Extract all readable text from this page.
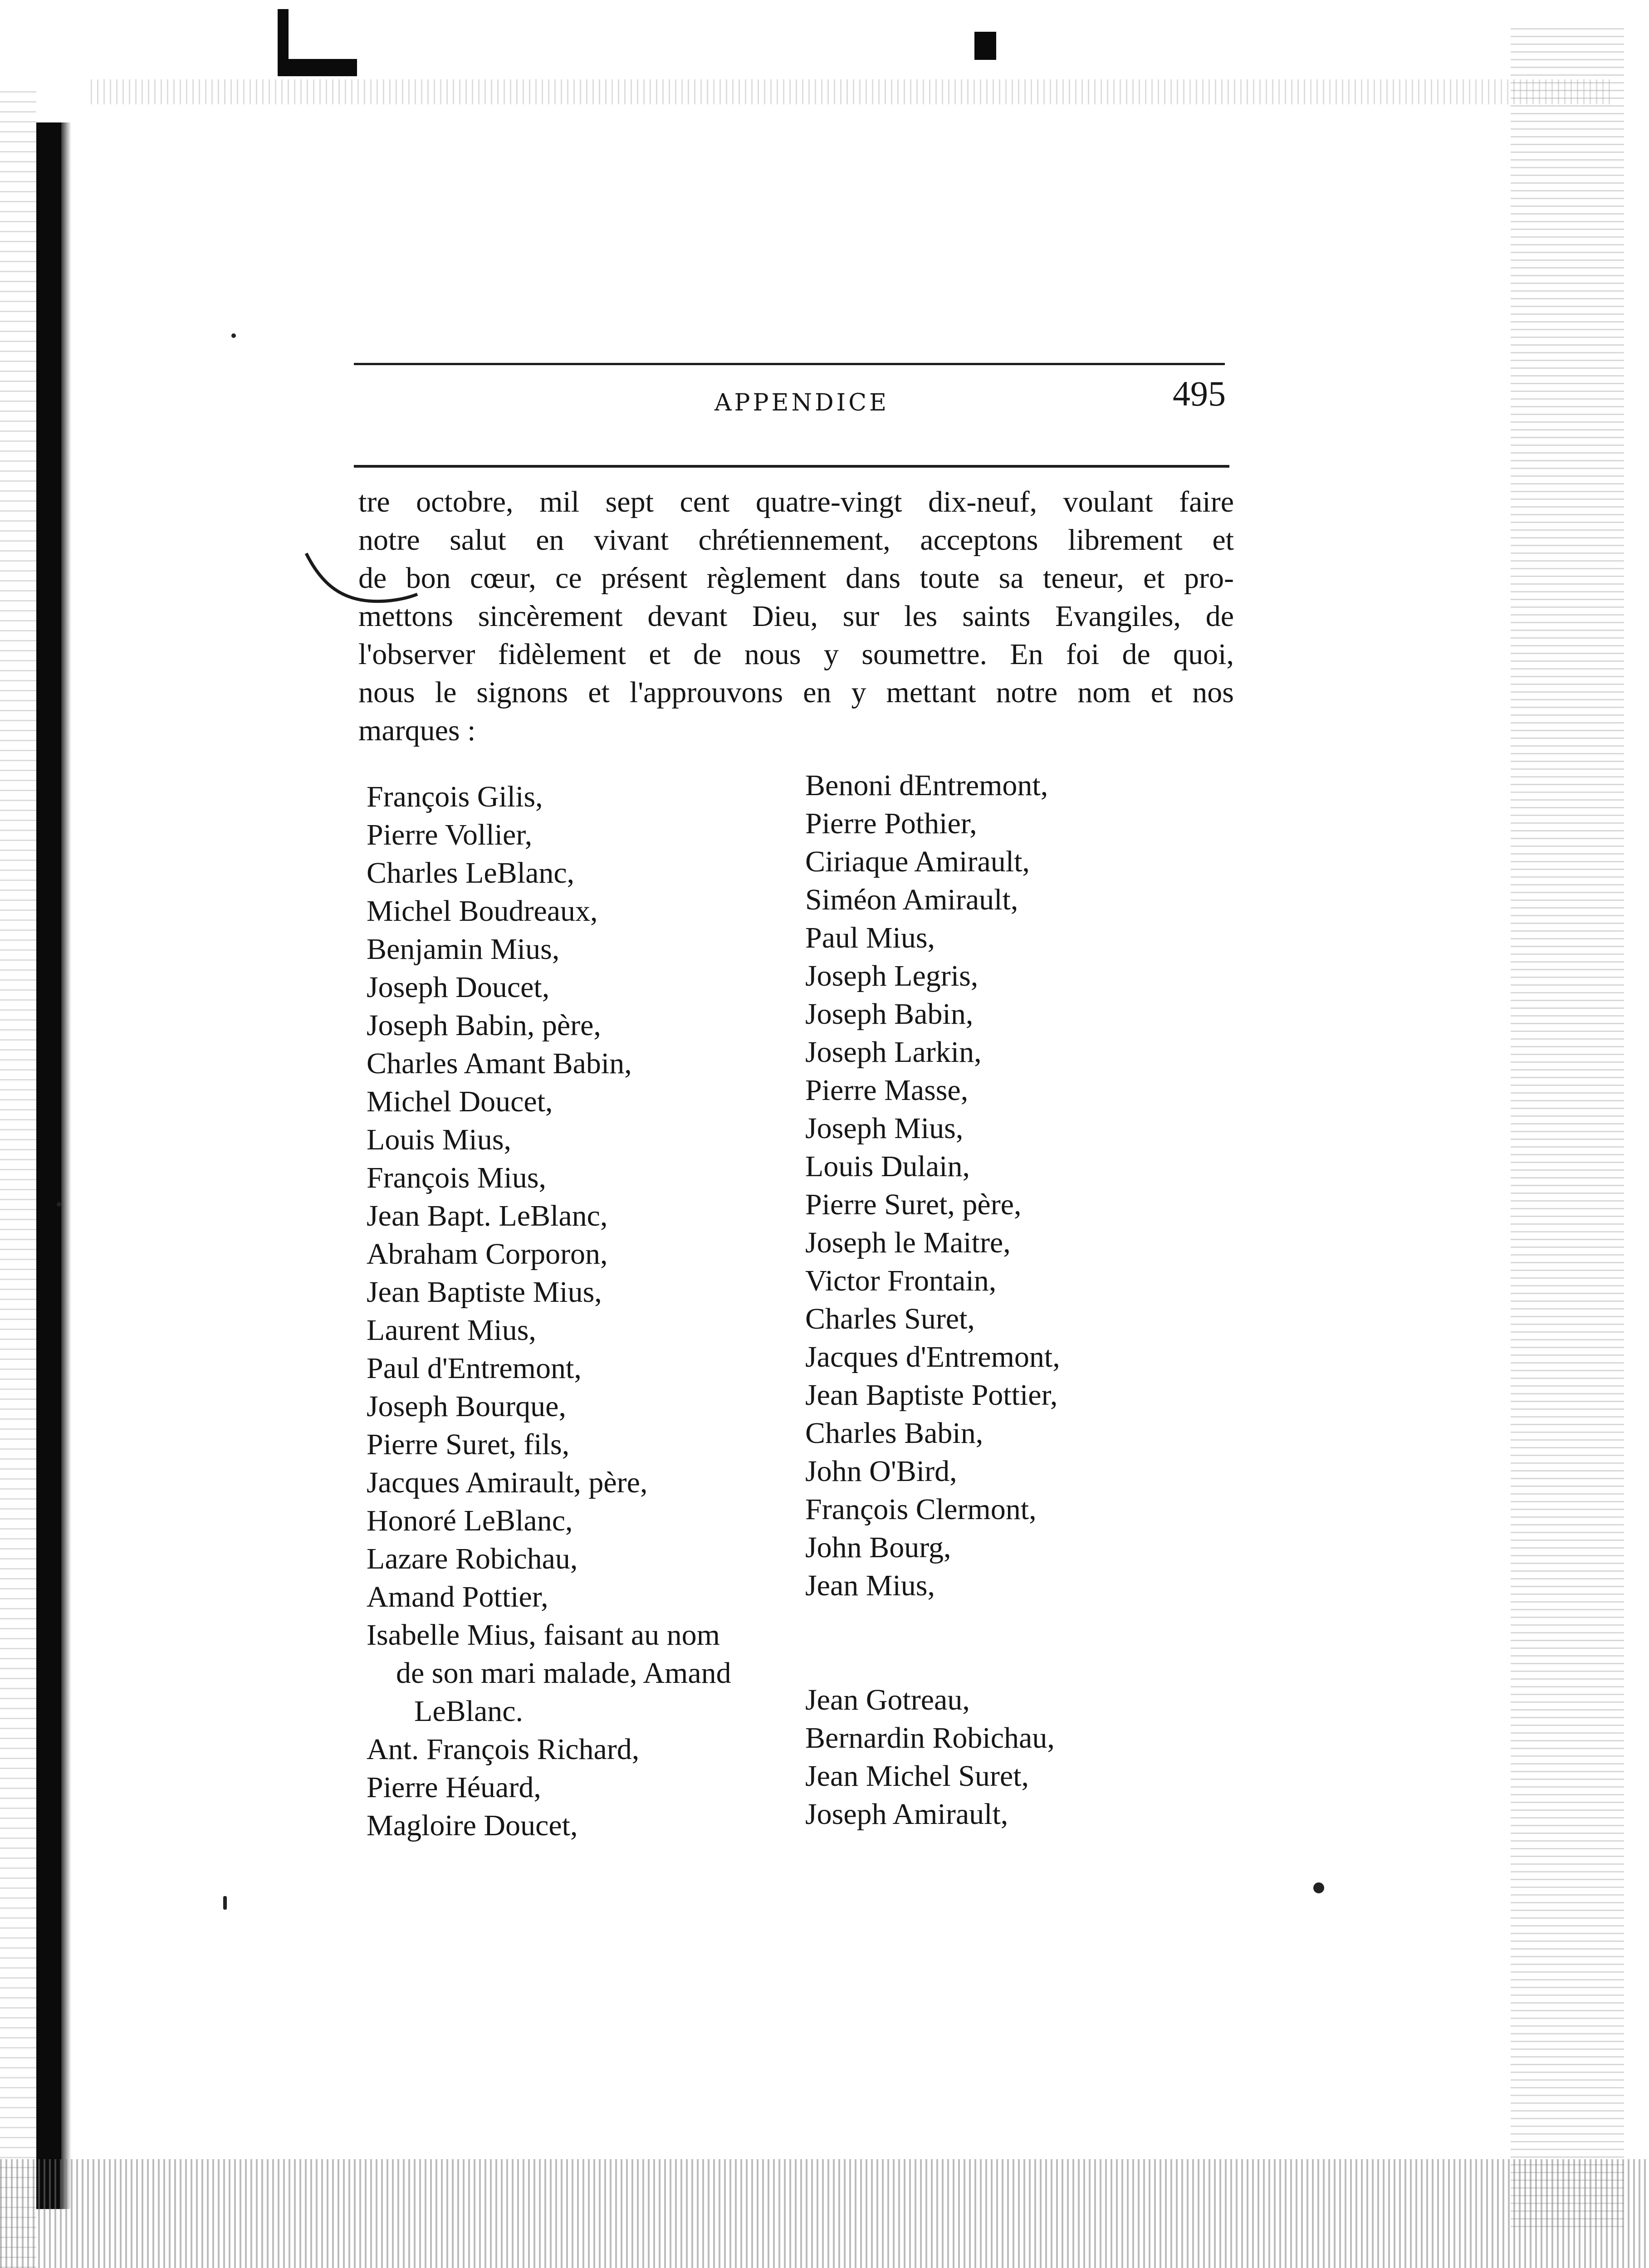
APPENDICE	495
tre octobre, mil sept cent quatre-vingt dix-neuf, voulant faire
notre salut en vivant chrétiennement, acceptons librement et
de bon cœur, ce présent règlement dans toute sa teneur, et pro-
mettons sincèrement devant Dieu, sur les saints Evangiles, de
l'observer fidèlement et de nous y soumettre. En foi de quoi,
nous le signons et l'approuvons en y mettant notre nom et nos
marques :
François Gilis,
Pierre Vollier,
Charles LeBlanc,
Michel Boudreaux,
Benjamin Mius,
Joseph Doucet,
Joseph Babin, père,
Charles Amant Babin,
Michel Doucet,
Louis Mius,
François Mius,
Jean Bapt. LeBlanc,
Abraham Corporon,
Jean Baptiste Mius,
Laurent Mius,
Paul d'Entremont,
Joseph Bourque,
Pierre Suret, fils,
Jacques Amirault, père,
Honoré LeBlanc,
Lazare Robichau,
Amand Pottier,
Isabelle Mius, faisant au nom
de son mari malade, Amand
LeBlanc.
Ant. François Richard,
Pierre Héuard,
Magloire Doucet,
Benoni dEntremont,
Pierre Pothier,
Ciriaque Amirault,
Siméon Amirault,
Paul Mius,
Joseph Legris,
Joseph Babin,
Joseph Larkin,
Pierre Masse,
Joseph Mius,
Louis Dulain,
Pierre Suret, père,
Joseph le Maitre,
Victor Frontain,
Charles Suret,
Jacques d'Entremont,
Jean Baptiste Pottier,
Charles Babin,
John O'Bird,
François Clermont,
John Bourg,
Jean Mius,
Jean Gotreau,
Bernardin Robichau,
Jean Michel Suret,
Joseph Amirault,
